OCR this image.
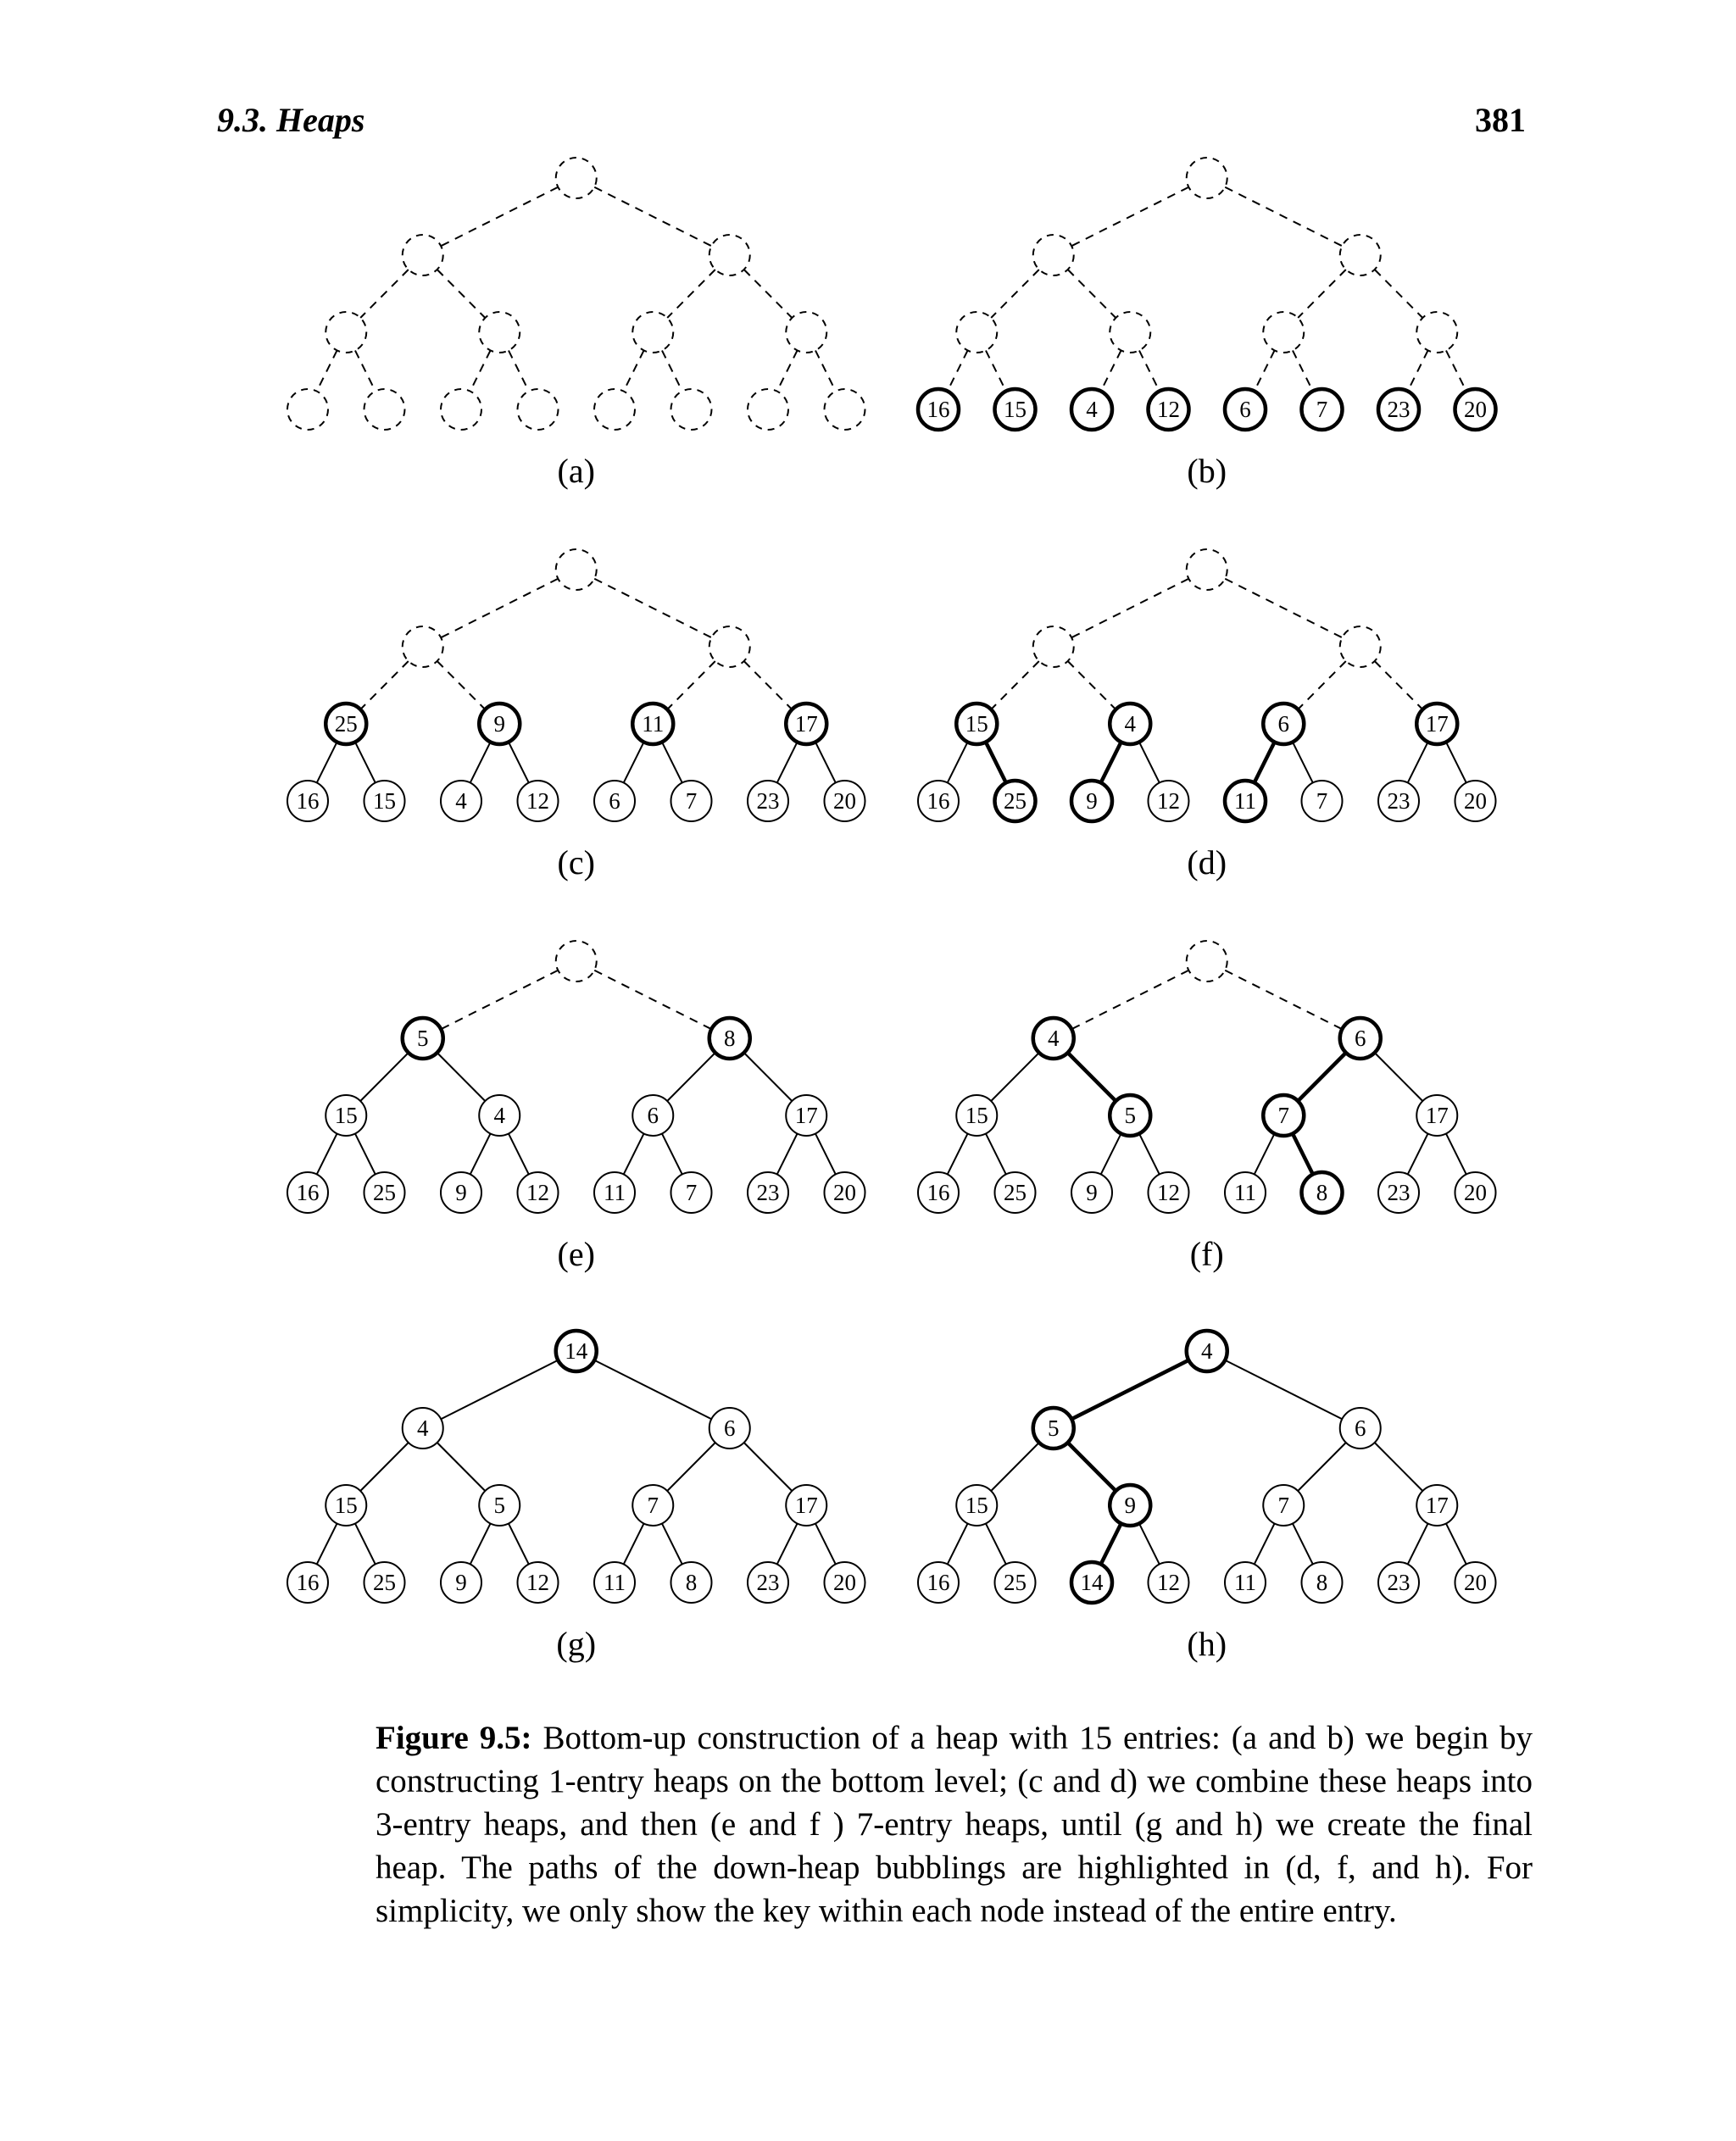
9.3. Heaps	381
(a)
16 15	4	12	6	7	23 20
(b)
25	9	11	17
16 15	4	12	6	7	23 20
(c)
15	4	6	17
16 25	9	12 11	7	23 20
(d)
5	8
15	4	6	17
16 25	9	12 11	7	23 20
(e)
4	6
15	5	7	17
16 25	9	12 11	8	23 20
(f)
14
4	6
15	5	7	17
16 25	9	12 11	8	23 20
(g)
4
5	6
15	9	7	17
16 25 14 12 11	8	23 20
(h)
Figure 9.5: Bottom-up construction of a heap with 15 entries: (a and b) we begin by constructing 1-entry heaps on the bottom level; (c and d) we combine these heaps into 3-entry heaps, and then (e and f ) 7-entry heaps, until (g and h) we create the final heap. The paths of the down-heap bubblings are highlighted in (d, f, and h). For simplicity, we only show the key within each node instead of the entire entry.
